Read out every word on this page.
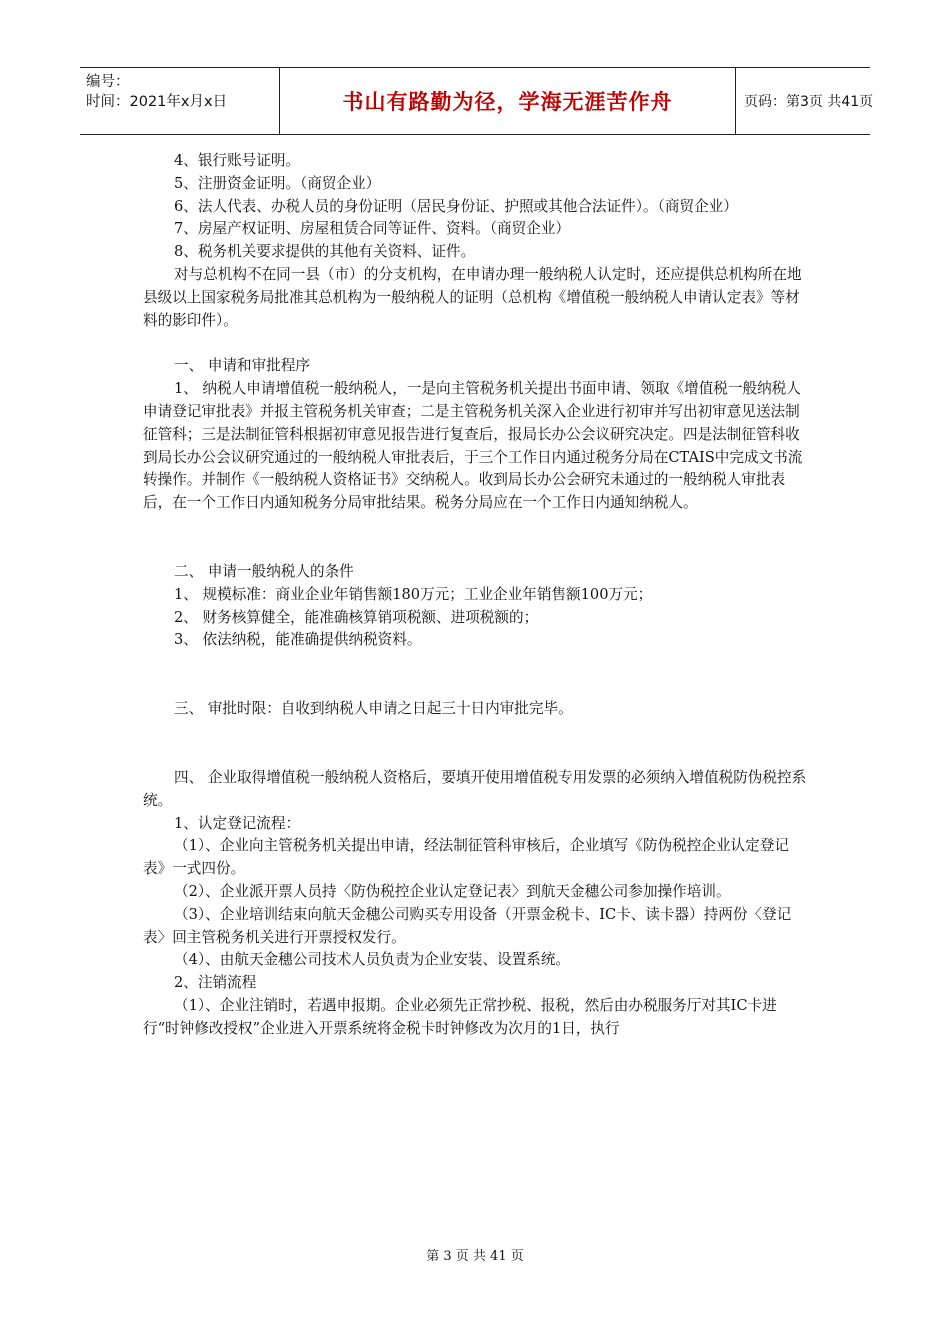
编号：
时间：2021年x月x日	书山有路勤为径，学海无涯苦作舟	页码：第3页 共41页

4、银行账号证明。

5、注册资金证明。（商贸企业）

6、法人代表、办税人员的身份证明（居民身份证、护照或其他合法证件）。（商贸企业）

7、房屋产权证明、房屋租赁合同等证件、资料。（商贸企业）

8、税务机关要求提供的其他有关资料、证件。

对与总机构不在同一县（市）的分支机构，在申请办理一般纳税人认定时，还应提供总机构所在地县级以上国家税务局批准其总机构为一般纳税人的证明（总机构《增值税一般纳税人申请认定表》等材料的影印件）。

一、 申请和审批程序

1、 纳税人申请增值税一般纳税人，一是向主管税务机关提出书面申请、领取《增值税一般纳税人申请登记审批表》并报主管税务机关审查；二是主管税务机关深入企业进行初审并写出初审意见送法制征管科；三是法制征管科根据初审意见报告进行复查后，报局长办公会议研究决定。四是法制征管科收到局长办公会议研究通过的一般纳税人审批表后，于三个工作日内通过税务分局在CTAIS中完成文书流转操作。并制作《一般纳税人资格证书》交纳税人。收到局长办公会研究未通过的一般纳税人审批表后，在一个工作日内通知税务分局审批结果。税务分局应在一个工作日内通知纳税人。

二、 申请一般纳税人的条件

1、 规模标准：商业企业年销售额180万元；工业企业年销售额100万元；

2、 财务核算健全，能准确核算销项税额、进项税额的；

3、 依法纳税，能准确提供纳税资料。

三、 审批时限：自收到纳税人申请之日起三十日内审批完毕。

四、 企业取得增值税一般纳税人资格后，要填开使用增值税专用发票的必须纳入增值税防伪税控系统。

1、认定登记流程：

（1）、企业向主管税务机关提出申请，经法制征管科审核后，企业填写《防伪税控企业认定登记表》一式四份。

（2）、企业派开票人员持〈防伪税控企业认定登记表〉到航天金穗公司参加操作培训。

（3）、企业培训结束向航天金穗公司购买专用设备（开票金税卡、IC卡、读卡器）持两份〈登记表〉回主管税务机关进行开票授权发行。

（4）、由航天金穗公司技术人员负责为企业安装、设置系统。

2、注销流程

（1）、企业注销时，若遇申报期。企业必须先正常抄税、报税，然后由办税服务厅对其IC卡进行“时钟修改授权”企业进入开票系统将金税卡时钟修改为次月的1日，执行

第 3 页 共 41 页
